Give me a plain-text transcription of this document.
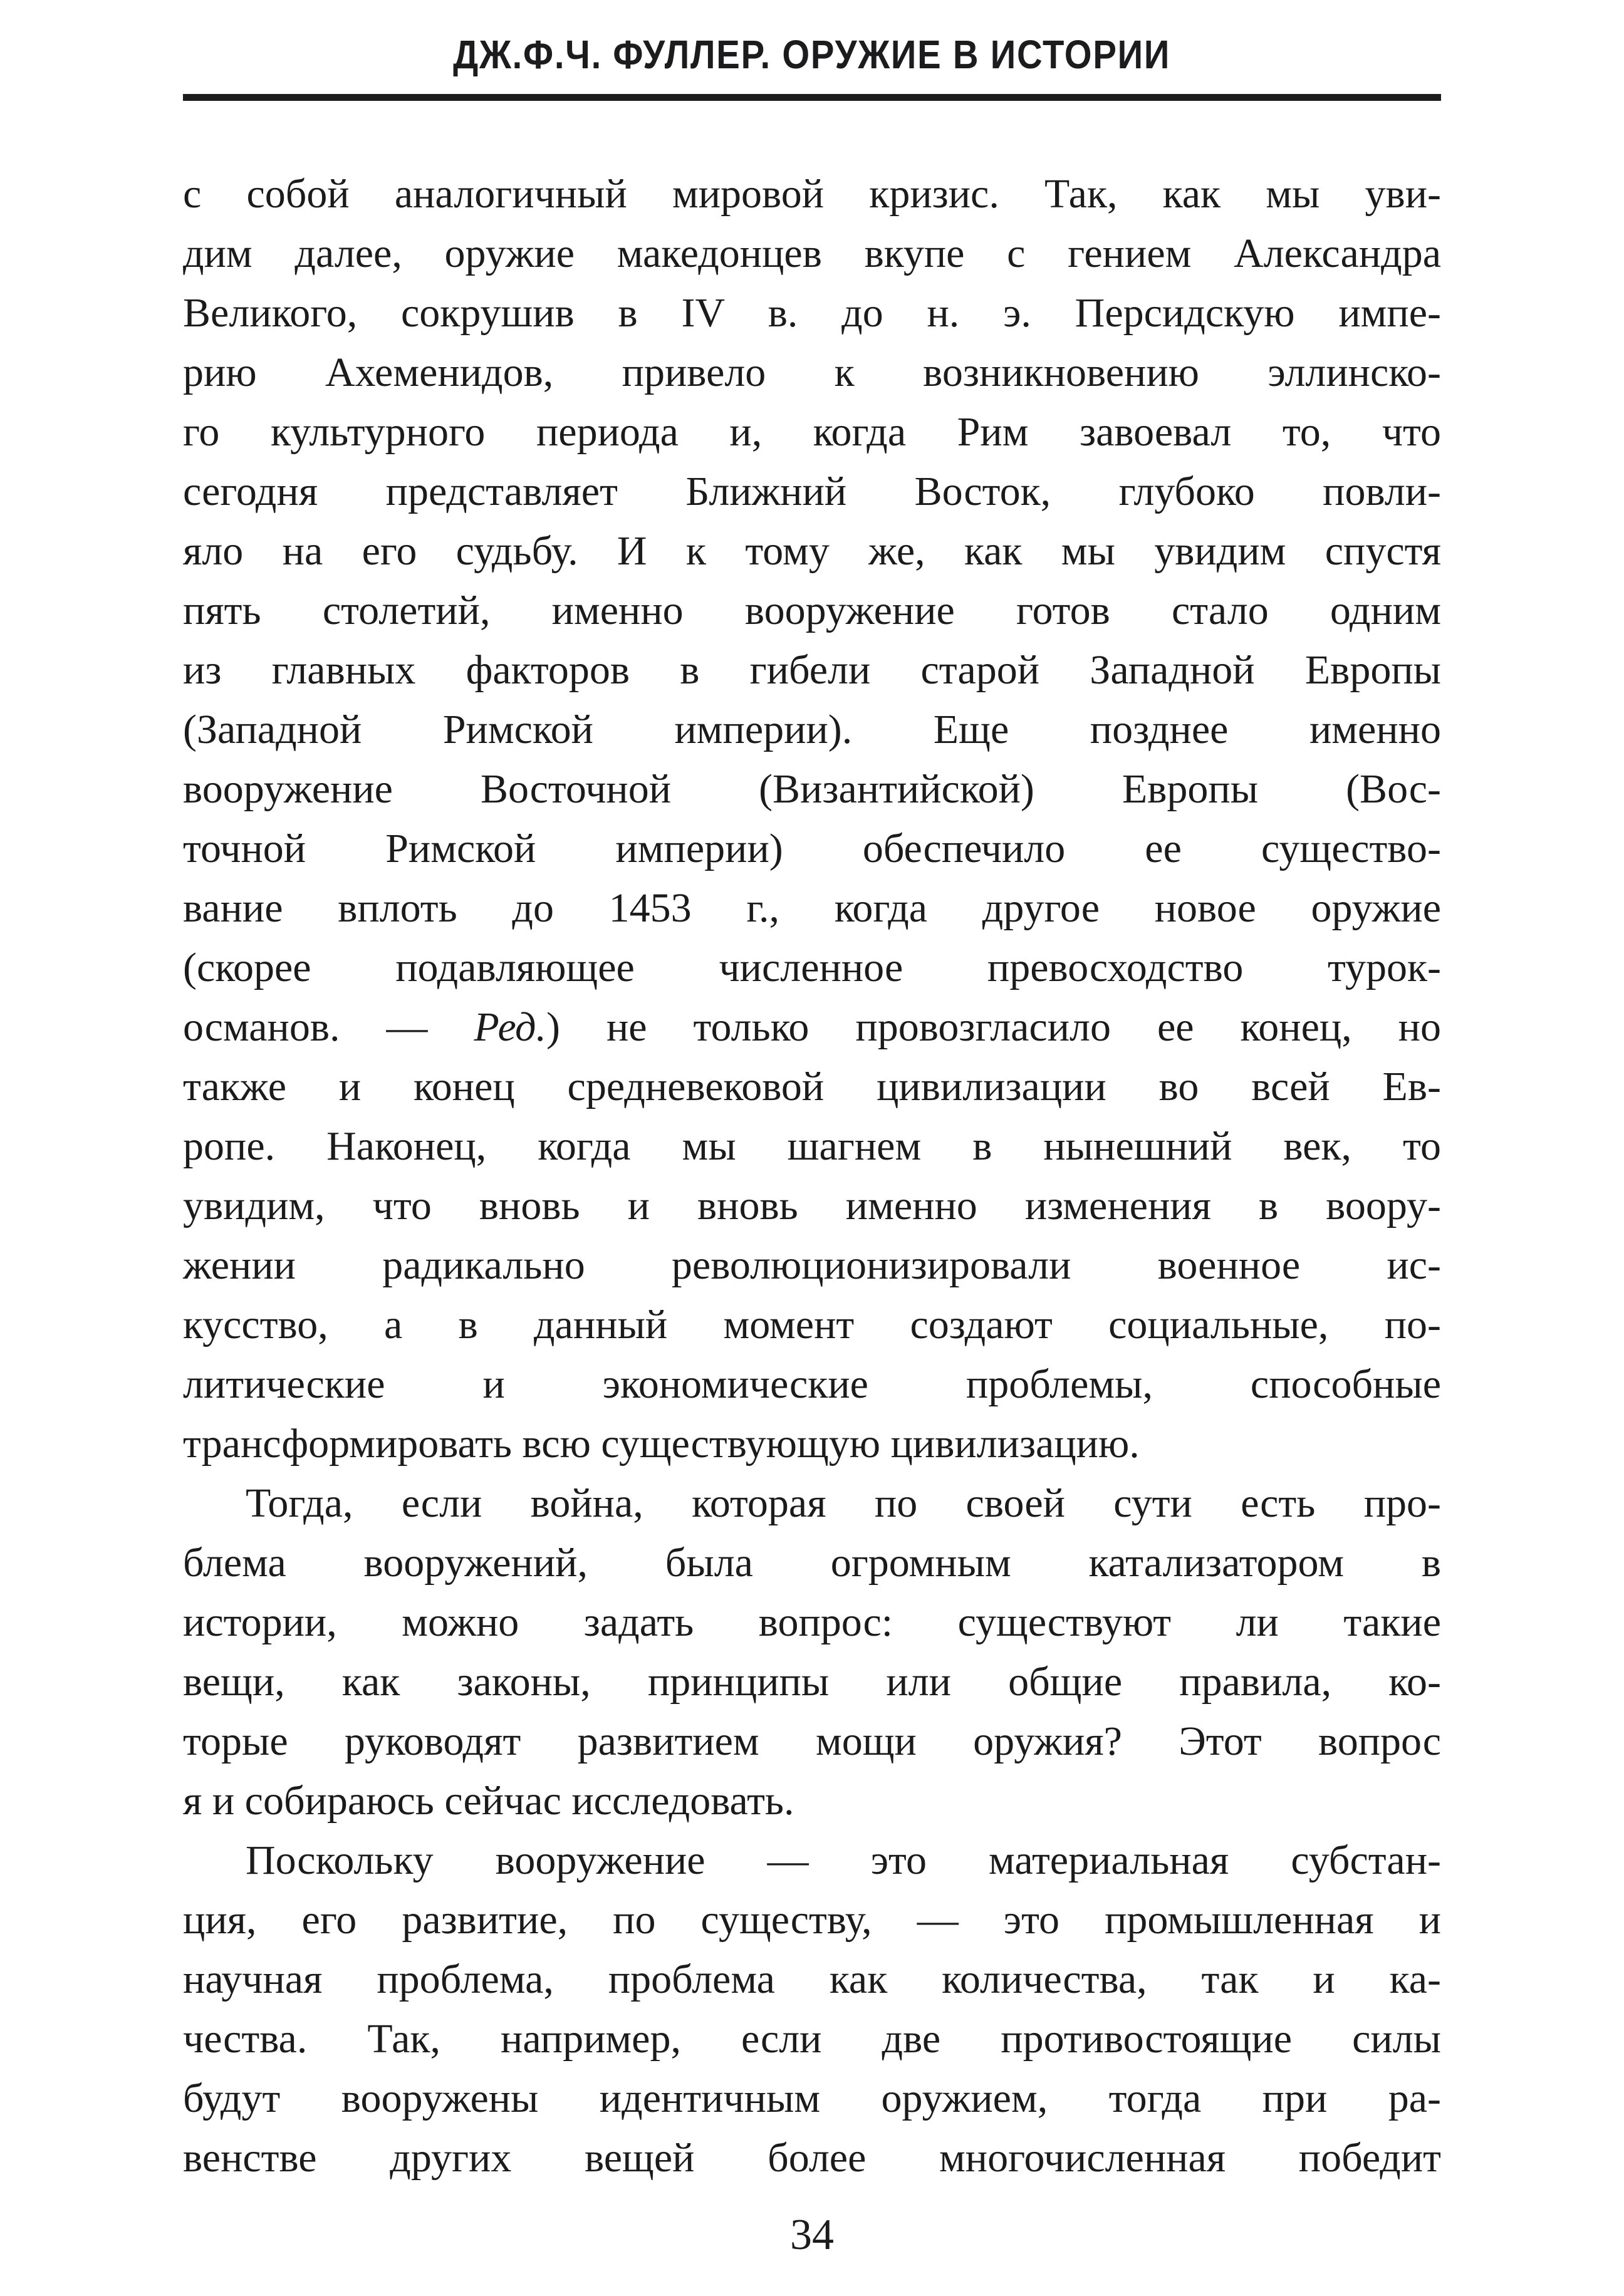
ДЖ.Ф.Ч. ФУЛЛЕР. ОРУЖИЕ В ИСТОРИИ
с собой аналогичный мировой кризис. Так, как мы уви-
дим далее, оружие македонцев вкупе с гением Александра
Великого, сокрушив в IV в. до н. э. Персидскую импе-
рию Ахеменидов, привело к возникновению эллинско-
го культурного периода и, когда Рим завоевал то, что
сегодня представляет Ближний Восток, глубоко повли-
яло на его судьбу. И к тому же, как мы увидим спустя
пять столетий, именно вооружение готов стало одним
из главных факторов в гибели старой Западной Европы
(Западной Римской империи). Еще позднее именно
вооружение Восточной (Византийской) Европы (Вос-
точной Римской империи) обеспечило ее существо-
вание вплоть до 1453 г., когда другое новое оружие
(скорее подавляющее численное превосходство турок-
османов. — Ред.) не только провозгласило ее конец, но
также и конец средневековой цивилизации во всей Ев-
ропе. Наконец, когда мы шагнем в нынешний век, то
увидим, что вновь и вновь именно изменения в воору-
жении радикально революционизировали военное ис-
кусство, а в данный момент создают социальные, по-
литические и экономические проблемы, способные
трансформировать всю существующую цивилизацию.
Тогда, если война, которая по своей сути есть про-
блема вооружений, была огромным катализатором в
истории, можно задать вопрос: существуют ли такие
вещи, как законы, принципы или общие правила, ко-
торые руководят развитием мощи оружия? Этот вопрос
я и собираюсь сейчас исследовать.
Поскольку вооружение — это материальная субстан-
ция, его развитие, по существу, — это промышленная и
научная проблема, проблема как количества, так и ка-
чества. Так, например, если две противостоящие силы
будут вооружены идентичным оружием, тогда при ра-
венстве других вещей более многочисленная победит
34
